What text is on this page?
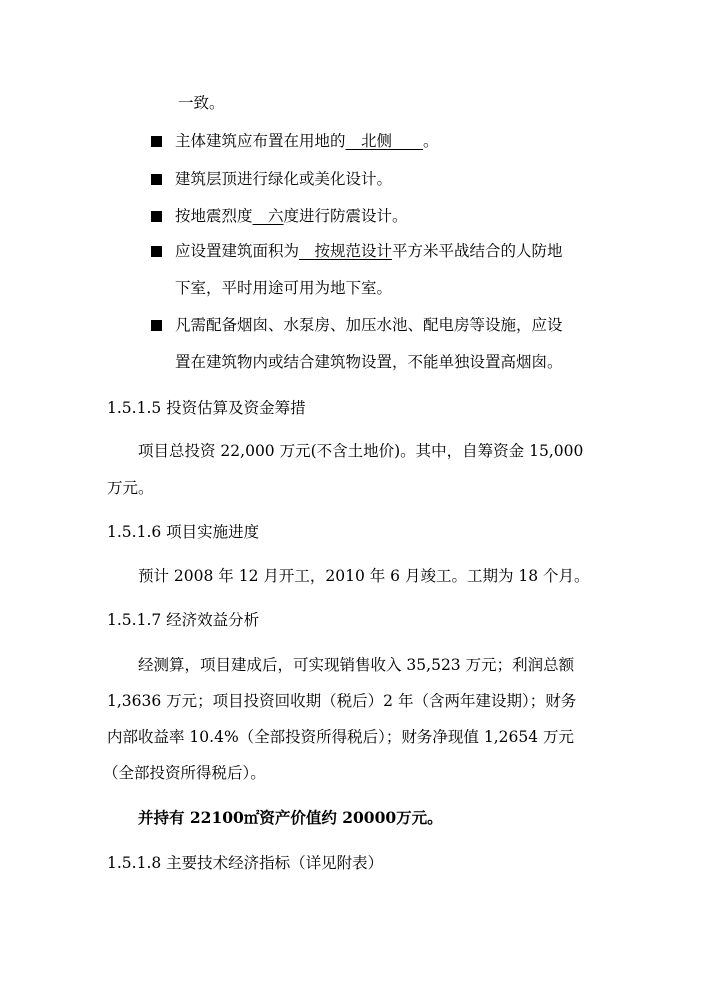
一致。
主体建筑应布置在用地的　北侧　　。
建筑层顶进行绿化或美化设计。
按地震烈度　六度进行防震设计。
应设置建筑面积为　按规范设计平方米平战结合的人防地
下室，平时用途可用为地下室。
凡需配备烟囱、水泵房、加压水池、配电房等设施，应设
置在建筑物内或结合建筑物设置，不能单独设置高烟囱。
1.5.1.5 投资估算及资金筹措
项目总投资 22,000 万元(不含土地价)。其中，自筹资金 15,000
万元。
1.5.1.6 项目实施进度
预计 2008 年 12 月开工，2010 年 6 月竣工。工期为 18 个月。
1.5.1.7 经济效益分析
经测算，项目建成后，可实现销售收入 35,523 万元；利润总额
1,3636 万元；项目投资回收期（税后）2 年（含两年建设期）；财务
内部收益率 10.4%（全部投资所得税后）；财务净现值 1,2654 万元
（全部投资所得税后）。
并持有 22100㎡资产价值约 20000万元。
1.5.1.8 主要技术经济指标（详见附表）
